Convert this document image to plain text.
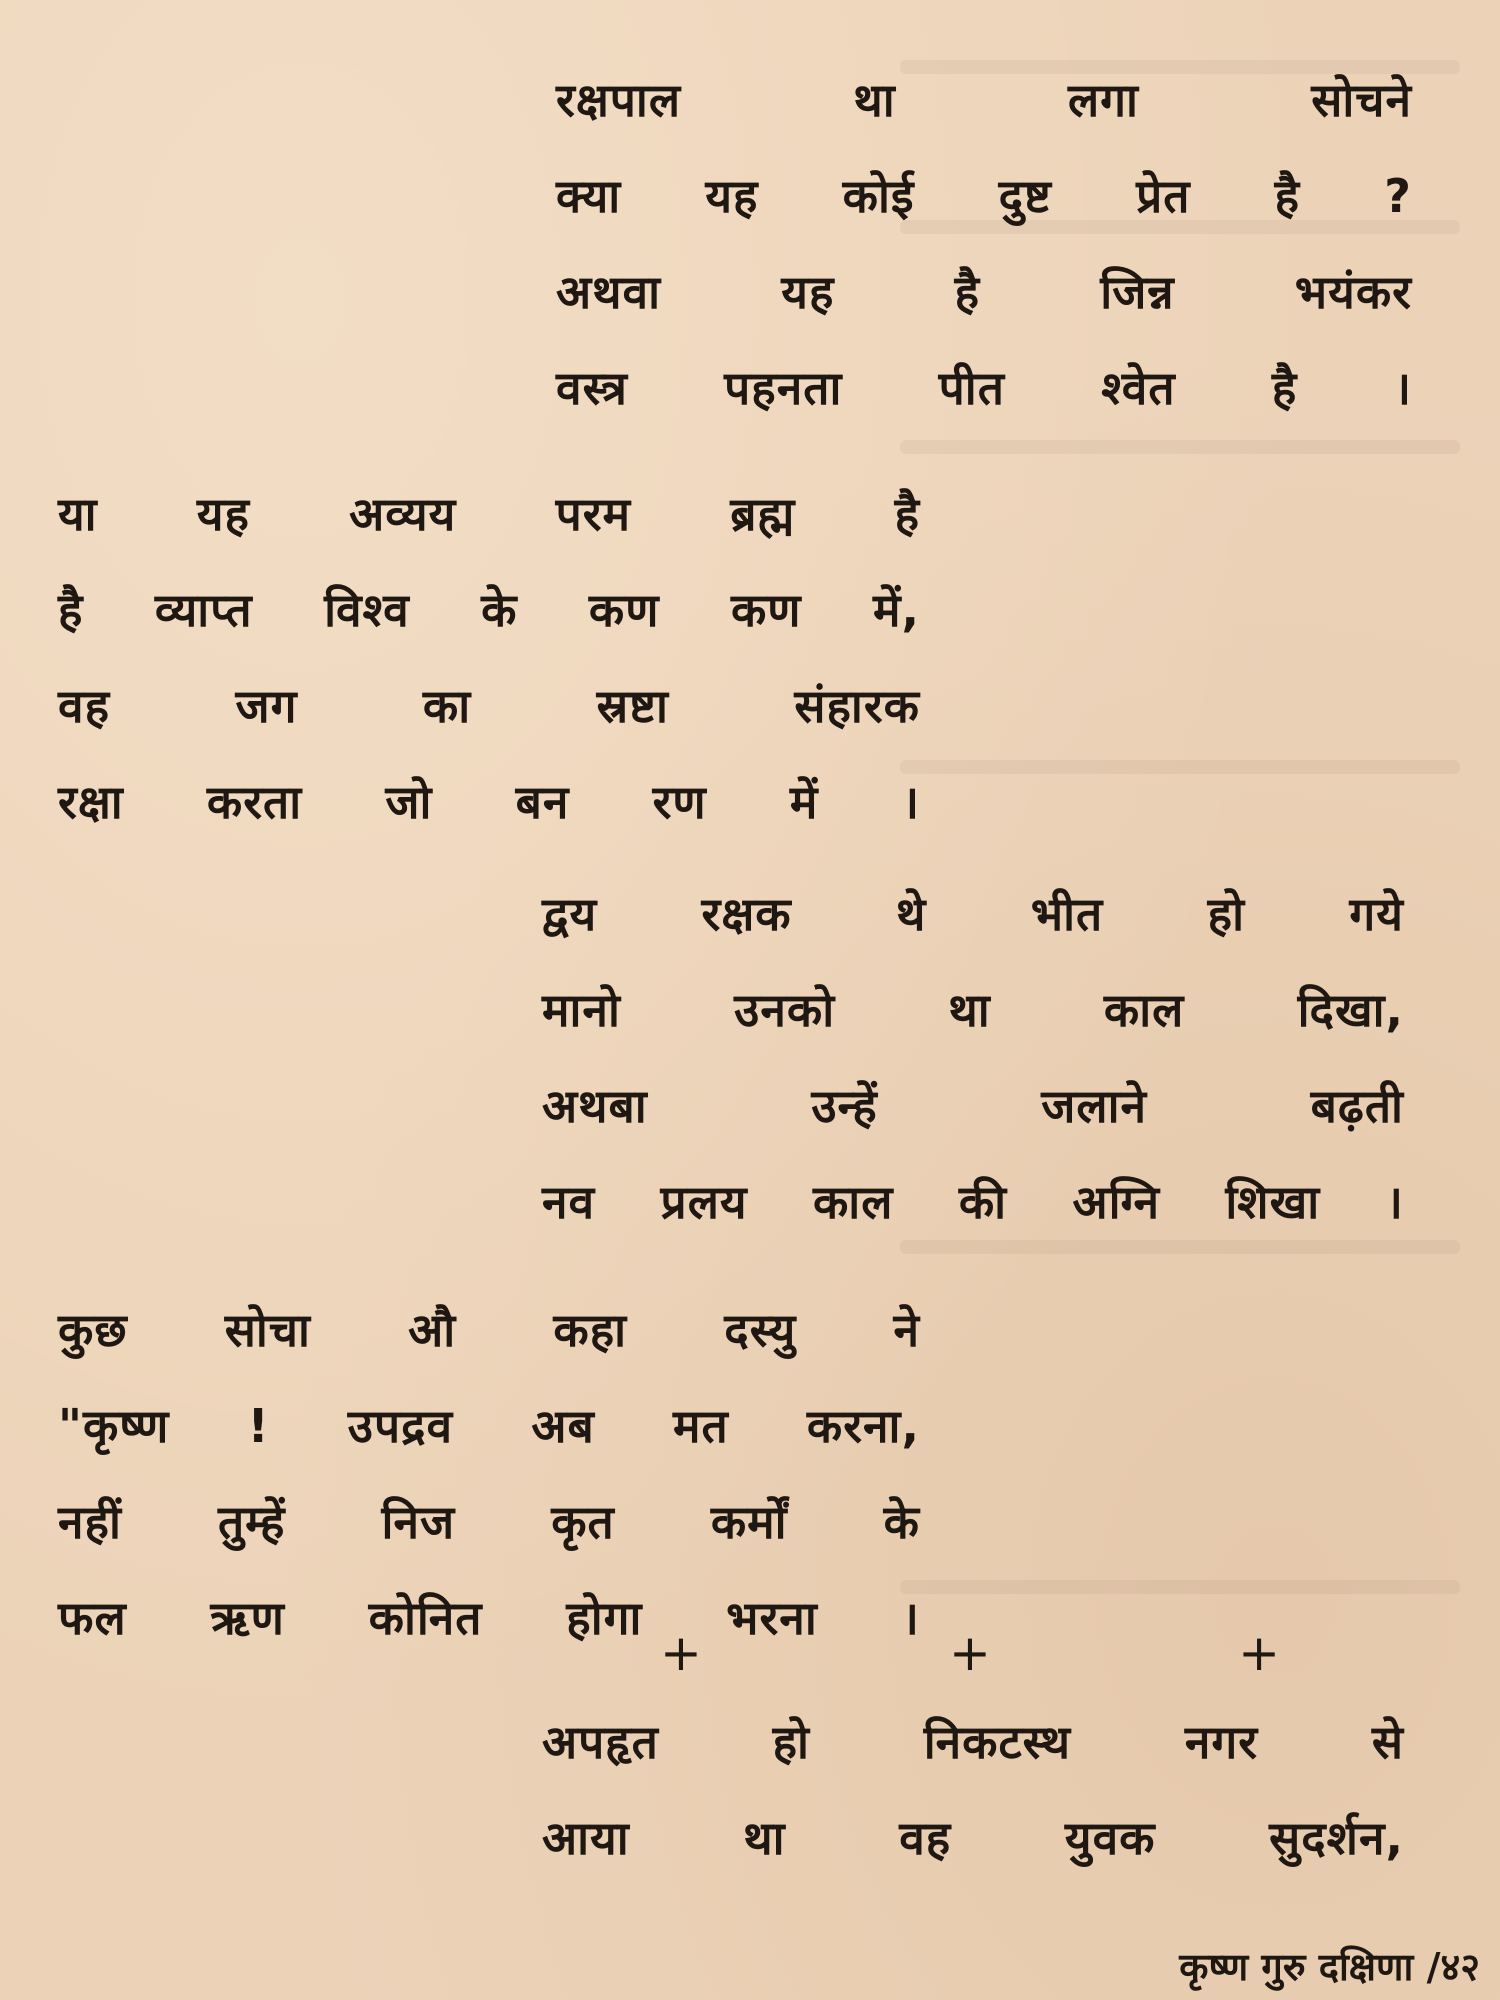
रक्षपाल	था	लगा	सोचने
क्या यह कोई दुष्ट प्रेत है ?
अथवा	यह	है	जिन्न	भयंकर
वस्त्र पहनता पीत श्वेत है ।
या यह अव्यय परम ब्रह्म है
है व्याप्त विश्व के कण कण में,
वह	जग	का	स्रष्टा	संहारक
रक्षा करता जो बन रण में ।
द्वय रक्षक थे भीत हो गये
मानो उनको था काल दिखा,
अथबा	उन्हें	जलाने	बढ़ती
नव प्रलय काल की अग्नि शिखा ।
कुछ सोचा औ कहा दस्यु ने
"कृष्ण ! उपद्रव अब मत करना,
नहीं तुम्हें निज कृत कर्मों के
फल ऋण कोनित होगा भरना ।
+	+	+
अपहृत हो निकटस्थ नगर से
आया था वह युवक सुदर्शन,
कृष्ण गुरु दक्षिणा /४२
